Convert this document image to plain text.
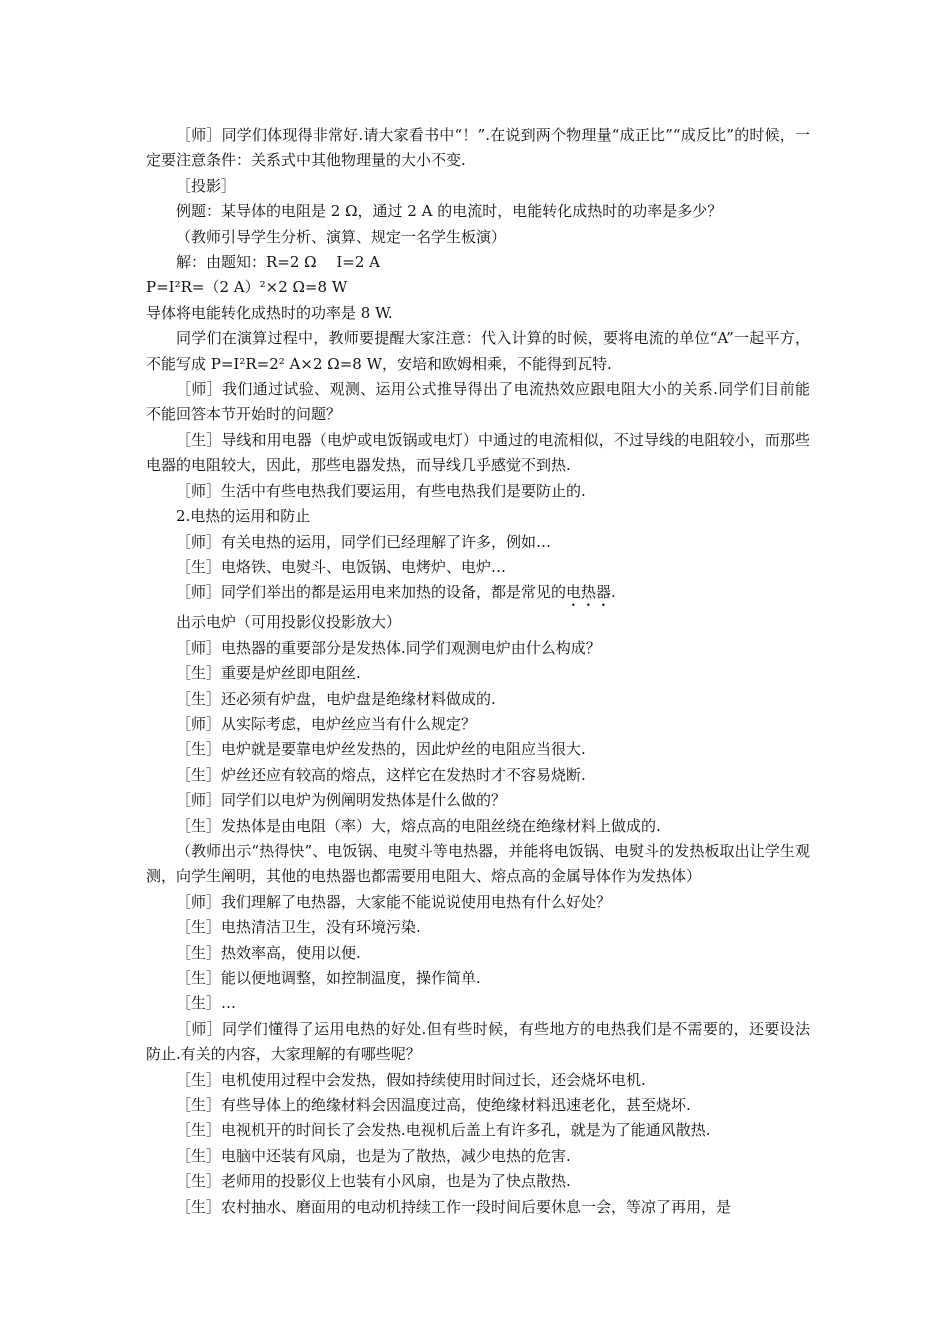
［师］同学们体现得非常好.请大家看书中“！”.在说到两个物理量“成正比”“成反比”的时候，一定要注意条件：关系式中其他物理量的大小不变.

［投影］

例题：某导体的电阻是 2 Ω，通过 2 A 的电流时，电能转化成热时的功率是多少？

（教师引导学生分析、演算、规定一名学生板演）

解：由题知：R=2 Ω　 I=2 A

P=I²R=（2 A）²×2 Ω=8 W

导体将电能转化成热时的功率是 8 W.

同学们在演算过程中，教师要提醒大家注意：代入计算的时候，要将电流的单位“A”一起平方，不能写成 P=I²R=2² A×2 Ω=8 W，安培和欧姆相乘，不能得到瓦特.

［师］我们通过试验、观测、运用公式推导得出了电流热效应跟电阻大小的关系.同学们目前能不能回答本节开始时的问题？

［生］导线和用电器（电炉或电饭锅或电灯）中通过的电流相似，不过导线的电阻较小，而那些电器的电阻较大，因此，那些电器发热，而导线几乎感觉不到热.

［师］生活中有些电热我们要运用，有些电热我们是要防止的.

2.电热的运用和防止

［师］有关电热的运用，同学们已经理解了许多，例如…

［生］电烙铁、电熨斗、电饭锅、电烤炉、电炉…

［师］同学们举出的都是运用电来加热的设备，都是常见的电热器.

出示电炉（可用投影仪投影放大）

［师］电热器的重要部分是发热体.同学们观测电炉由什么构成？

［生］重要是炉丝即电阻丝.

［生］还必须有炉盘，电炉盘是绝缘材料做成的.

［师］从实际考虑，电炉丝应当有什么规定？

［生］电炉就是要靠电炉丝发热的，因此炉丝的电阻应当很大.

［生］炉丝还应有较高的熔点，这样它在发热时才不容易烧断.

［师］同学们以电炉为例阐明发热体是什么做的？

［生］发热体是由电阻（率）大，熔点高的电阻丝绕在绝缘材料上做成的.

（教师出示“热得快”、电饭锅、电熨斗等电热器，并能将电饭锅、电熨斗的发热板取出让学生观测，向学生阐明，其他的电热器也都需要用电阻大、熔点高的金属导体作为发热体）

［师］我们理解了电热器，大家能不能说说使用电热有什么好处？

［生］电热清洁卫生，没有环境污染.

［生］热效率高，使用以便.

［生］能以便地调整，如控制温度，操作简单.

［生］…

［师］同学们懂得了运用电热的好处.但有些时候，有些地方的电热我们是不需要的，还要设法防止.有关的内容，大家理解的有哪些呢？

［生］电机使用过程中会发热，假如持续使用时间过长，还会烧坏电机.

［生］有些导体上的绝缘材料会因温度过高，使绝缘材料迅速老化，甚至烧坏.

［生］电视机开的时间长了会发热.电视机后盖上有许多孔，就是为了能通风散热.

［生］电脑中还装有风扇，也是为了散热，减少电热的危害.

［生］老师用的投影仪上也装有小风扇，也是为了快点散热.

［生］农村抽水、磨面用的电动机持续工作一段时间后要休息一会，等凉了再用，是
